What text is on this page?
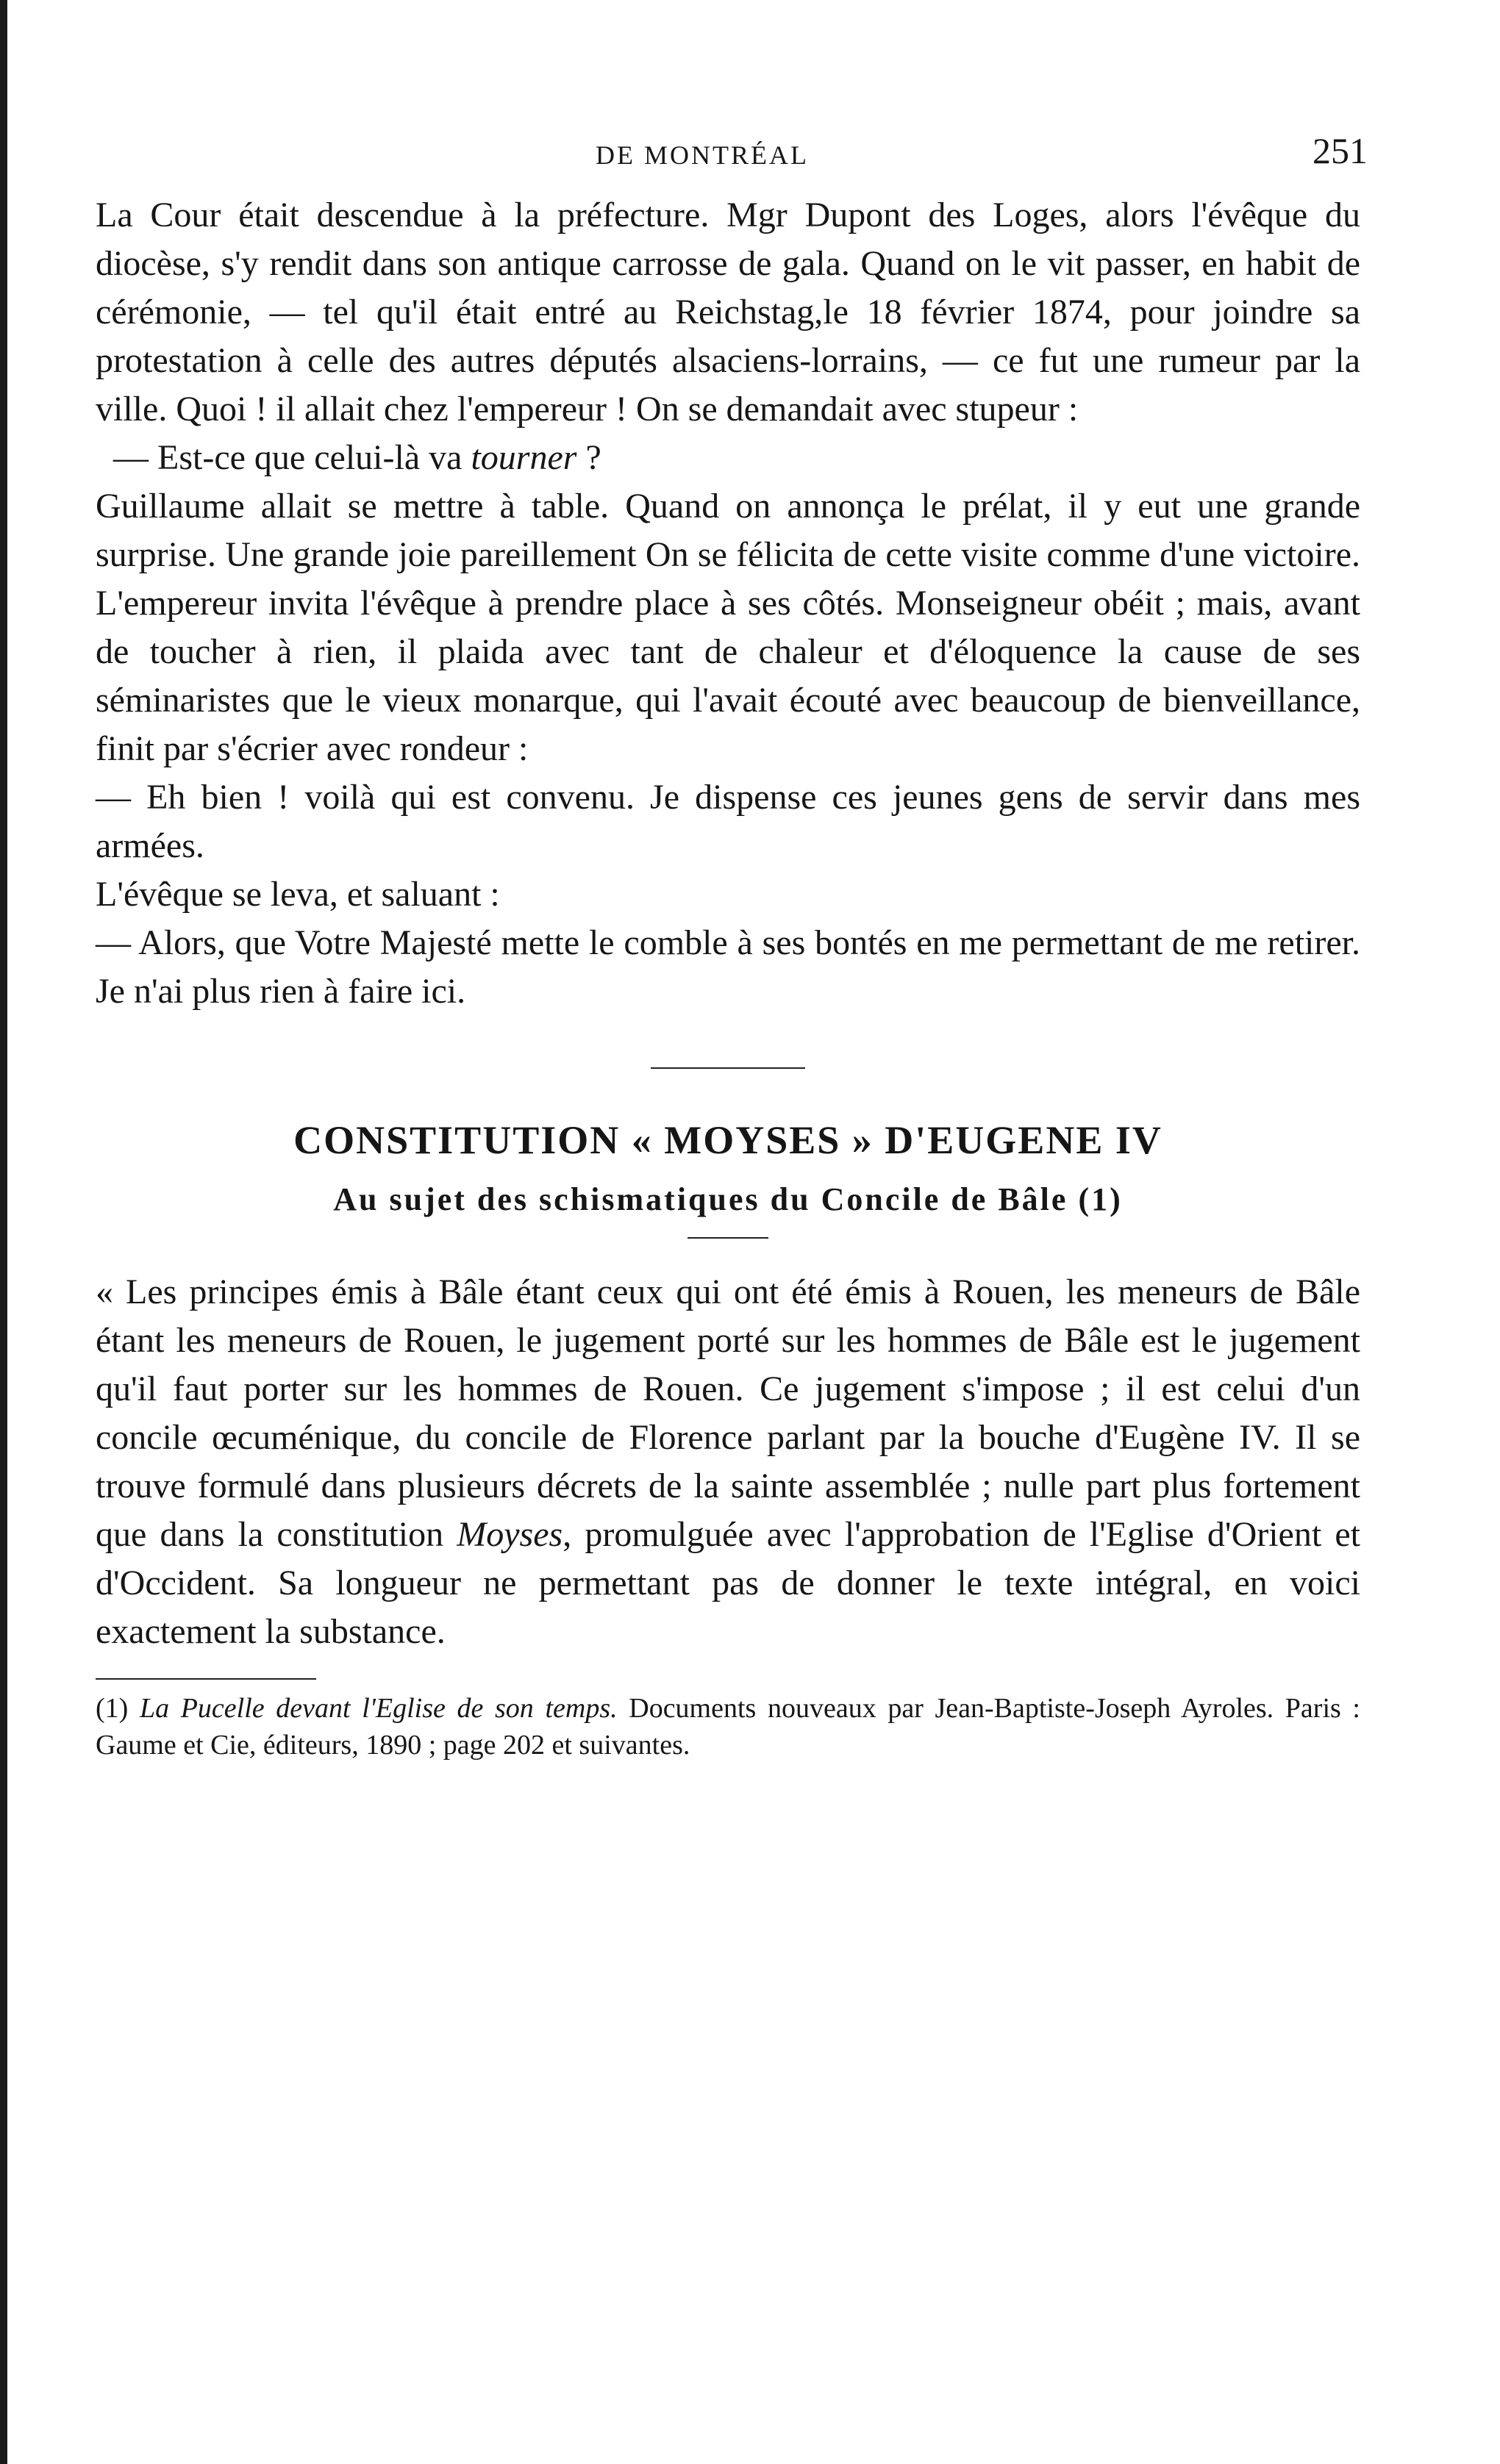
DE MONTRÉAL	251

La Cour était descendue à la préfecture. Mgr Dupont des Loges, alors l'évêque du diocèse, s'y rendit dans son antique carrosse de gala. Quand on le vit passer, en habit de cérémonie, — tel qu'il était entré au Reichstag,le 18 février 1874, pour joindre sa protestation à celle des autres députés alsaciens-lorrains, — ce fut une rumeur par la ville. Quoi ! il allait chez l'empereur ! On se demandait avec stupeur :

— Est-ce que celui-là va tourner ?

Guillaume allait se mettre à table. Quand on annonça le prélat, il y eut une grande surprise. Une grande joie pareillement On se félicita de cette visite comme d'une victoire. L'empereur invita l'évêque à prendre place à ses côtés. Monseigneur obéit ; mais, avant de toucher à rien, il plaida avec tant de chaleur et d'éloquence la cause de ses séminaristes que le vieux monarque, qui l'avait écouté avec beaucoup de bienveillance, finit par s'écrier avec rondeur :

— Eh bien ! voilà qui est convenu. Je dispense ces jeunes gens de servir dans mes armées.

L'évêque se leva, et saluant :

— Alors, que Votre Majesté mette le comble à ses bontés en me permettant de me retirer. Je n'ai plus rien à faire ici.

CONSTITUTION « MOYSES » D'EUGENE IV
Au sujet des schismatiques du Concile de Bâle (1)

« Les principes émis à Bâle étant ceux qui ont été émis à Rouen, les meneurs de Bâle étant les meneurs de Rouen, le jugement porté sur les hommes de Bâle est le jugement qu'il faut porter sur les hommes de Rouen. Ce jugement s'impose ; il est celui d'un concile œcuménique, du concile de Florence parlant par la bouche d'Eugène IV. Il se trouve formulé dans plusieurs décrets de la sainte assemblée ; nulle part plus fortement que dans la constitution Moyses, promulguée avec l'approbation de l'Eglise d'Orient et d'Occident. Sa longueur ne permettant pas de donner le texte intégral, en voici exactement la substance.

(1) La Pucelle devant l'Eglise de son temps. Documents nouveaux par Jean-Baptiste-Joseph Ayroles. Paris : Gaume et Cie, éditeurs, 1890 ; page 202 et suivantes.
